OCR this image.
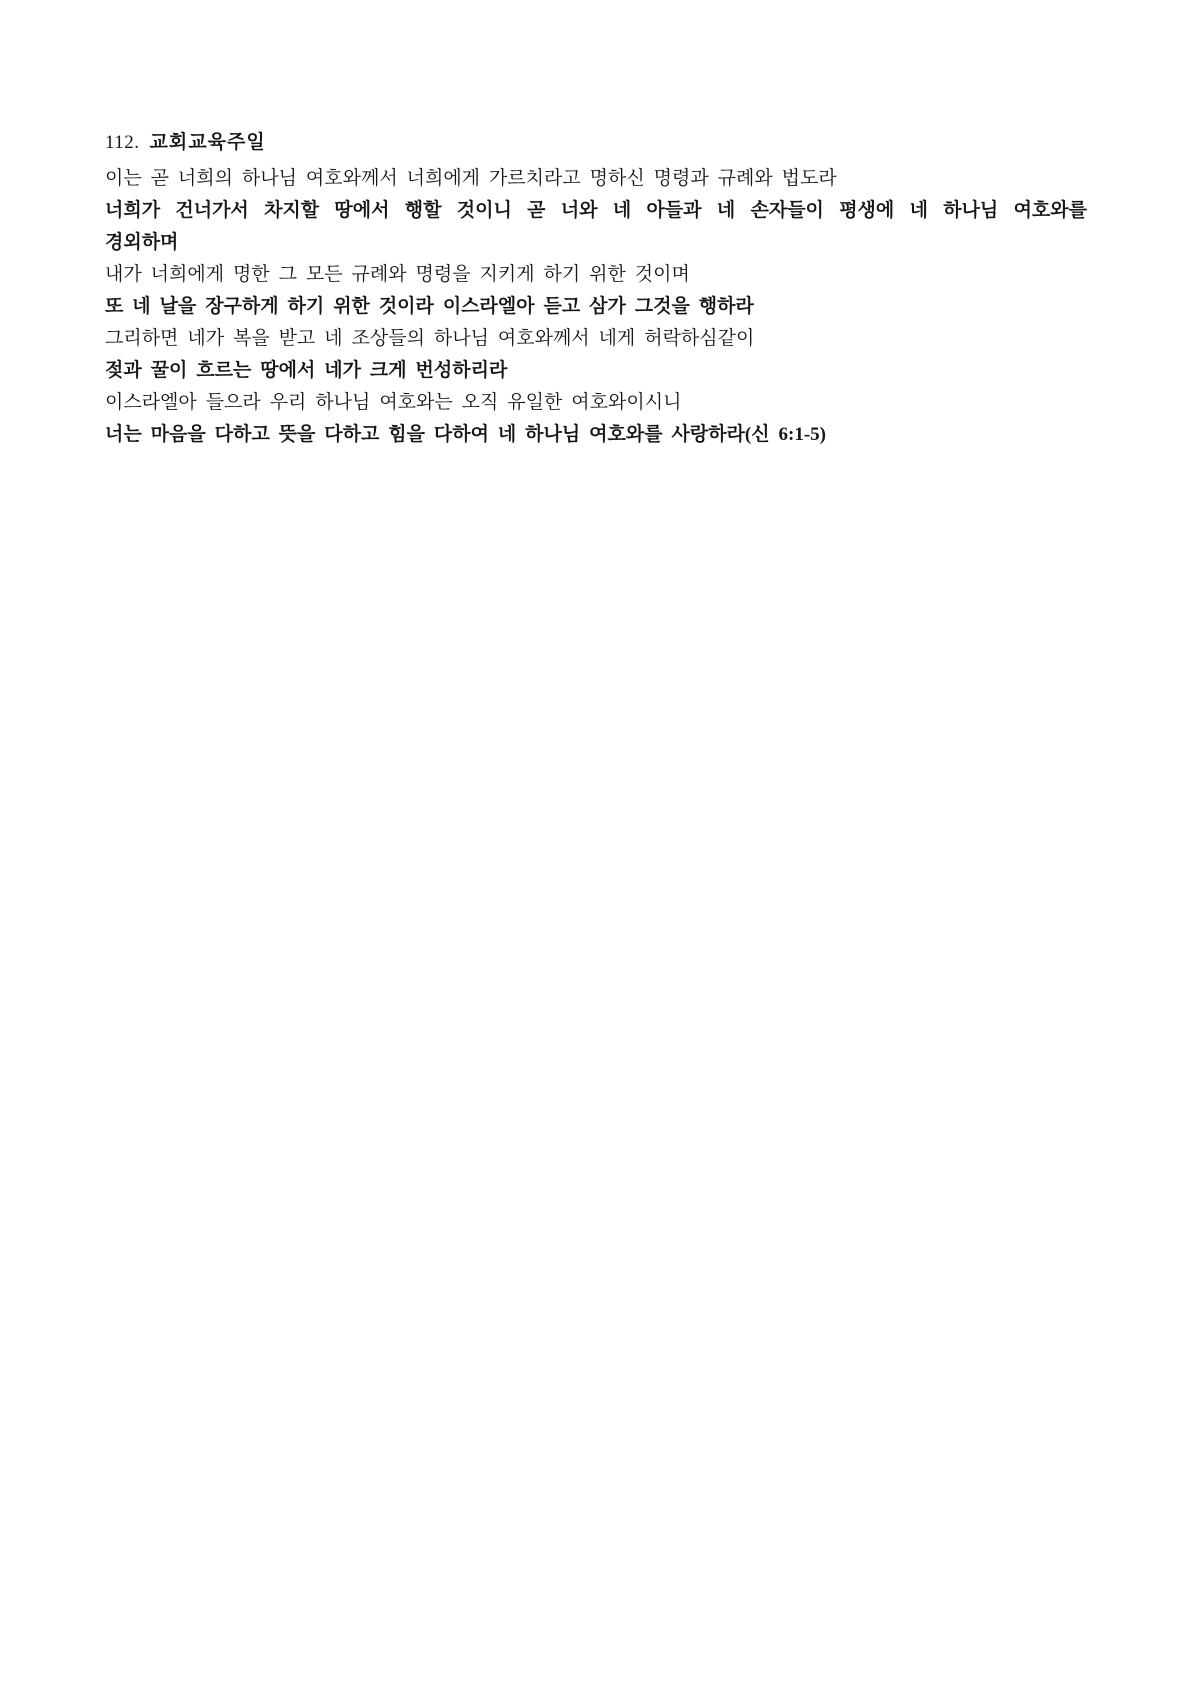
112. 교회교육주일
이는 곧 너희의 하나님 여호와께서 너희에게 가르치라고 명하신 명령과 규례와 법도라
너희가 건너가서 차지할 땅에서 행할 것이니 곧 너와 네 아들과 네 손자들이 평생에 네 하나님 여호와를
경외하며
내가 너희에게 명한 그 모든 규례와 명령을 지키게 하기 위한 것이며
또 네 날을 장구하게 하기 위한 것이라 이스라엘아 듣고 삼가 그것을 행하라
그리하면 네가 복을 받고 네 조상들의 하나님 여호와께서 네게 허락하심같이
젖과 꿀이 흐르는 땅에서 네가 크게 번성하리라
이스라엘아 들으라 우리 하나님 여호와는 오직 유일한 여호와이시니
너는 마음을 다하고 뜻을 다하고 힘을 다하여 네 하나님 여호와를 사랑하라(신 6:1-5)
